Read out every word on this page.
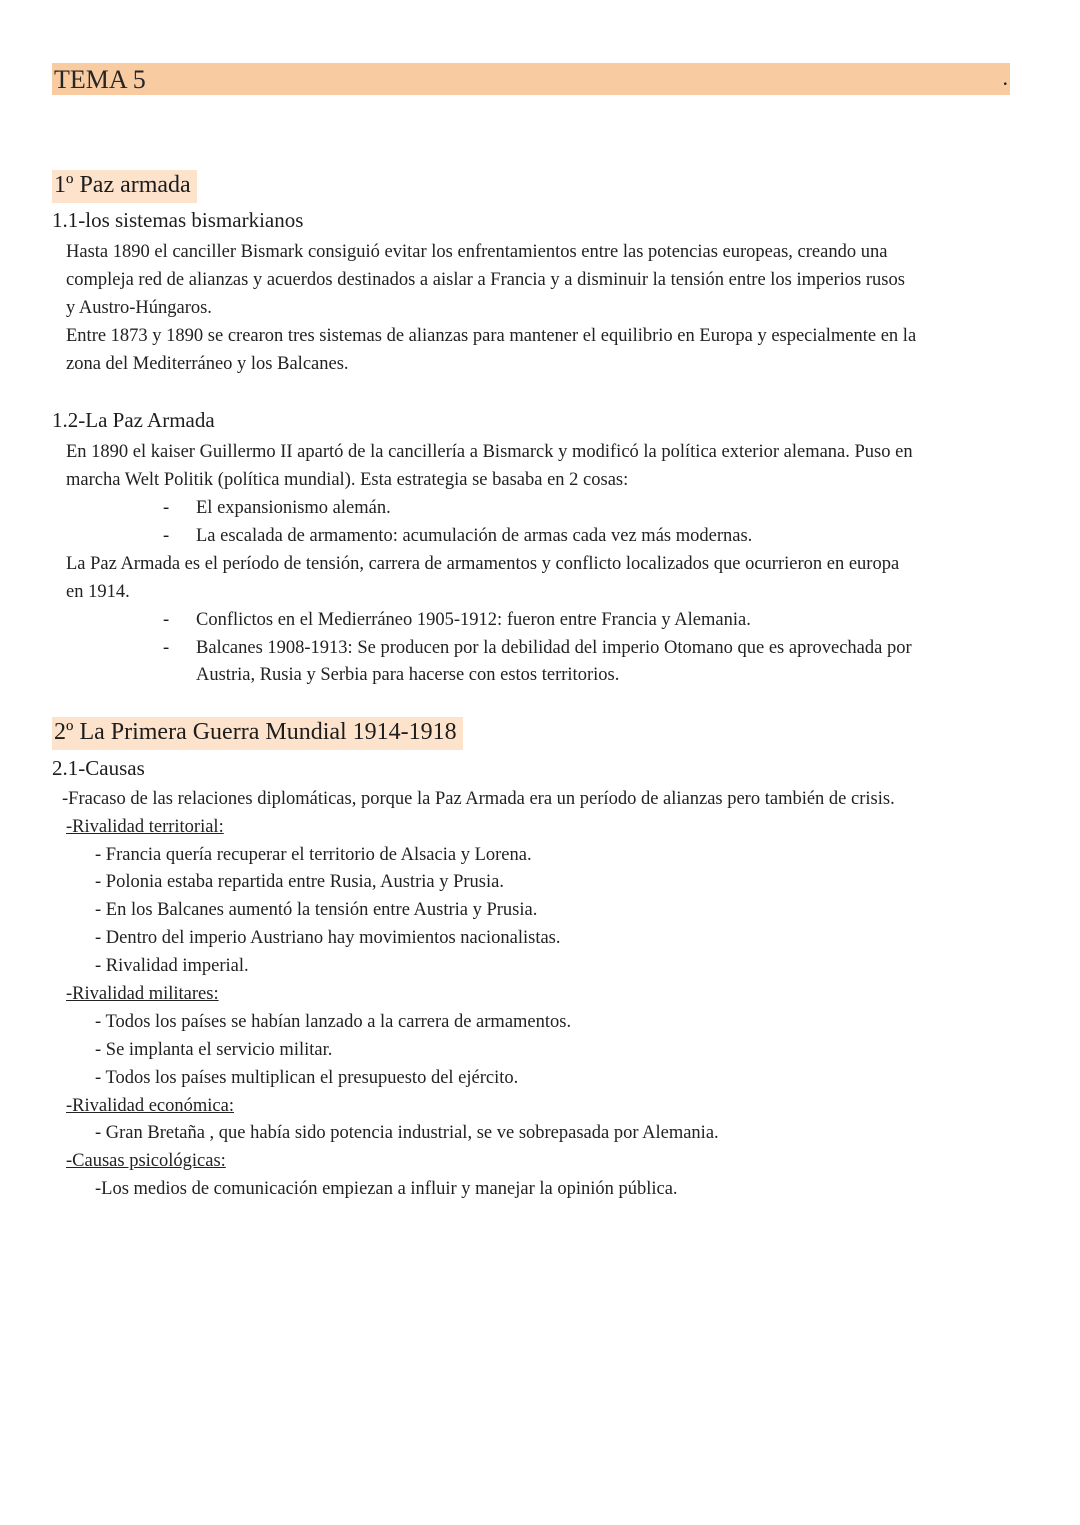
TEMA 5	.
1º Paz armada
1.1-los sistemas bismarkianos
Hasta 1890 el canciller Bismark consiguió evitar los enfrentamientos entre las potencias europeas, creando una
compleja red de alianzas y acuerdos destinados a aislar a Francia y a disminuir la tensión entre los imperios rusos
y Austro-Húngaros.
Entre 1873 y 1890 se crearon tres sistemas de alianzas para mantener el equilibrio en Europa y especialmente en la
zona del Mediterráneo y los Balcanes.
1.2-La Paz Armada
En 1890 el kaiser Guillermo II apartó de la cancillería a Bismarck y modificó la política exterior alemana. Puso en
marcha Welt Politik (política mundial). Esta estrategia se basaba en 2 cosas:
- El expansionismo alemán.
- La escalada de armamento: acumulación de armas cada vez más modernas.
La Paz Armada es el período de tensión, carrera de armamentos y conflicto localizados que ocurrieron en europa
en 1914.
- Conflictos en el Medierráneo 1905-1912: fueron entre Francia y Alemania.
- Balcanes 1908-1913: Se producen por la debilidad del imperio Otomano que es aprovechada por
Austria, Rusia y Serbia para hacerse con estos territorios.
2º La Primera Guerra Mundial 1914-1918
2.1-Causas
-Fracaso de las relaciones diplomáticas, porque la Paz Armada era un período de alianzas pero también de crisis.
-Rivalidad territorial:
- Francia quería recuperar el territorio de Alsacia y Lorena.
- Polonia estaba repartida entre Rusia, Austria y Prusia.
- En los Balcanes aumentó la tensión entre Austria y Prusia.
- Dentro del imperio Austriano hay movimientos nacionalistas.
- Rivalidad imperial.
-Rivalidad militares:
- Todos los países se habían lanzado a la carrera de armamentos.
- Se implanta el servicio militar.
- Todos los países multiplican el presupuesto del ejército.
-Rivalidad económica:
- Gran Bretaña , que había sido potencia industrial, se ve sobrepasada por Alemania.
-Causas psicológicas:
-Los medios de comunicación empiezan a influir y manejar la opinión pública.
